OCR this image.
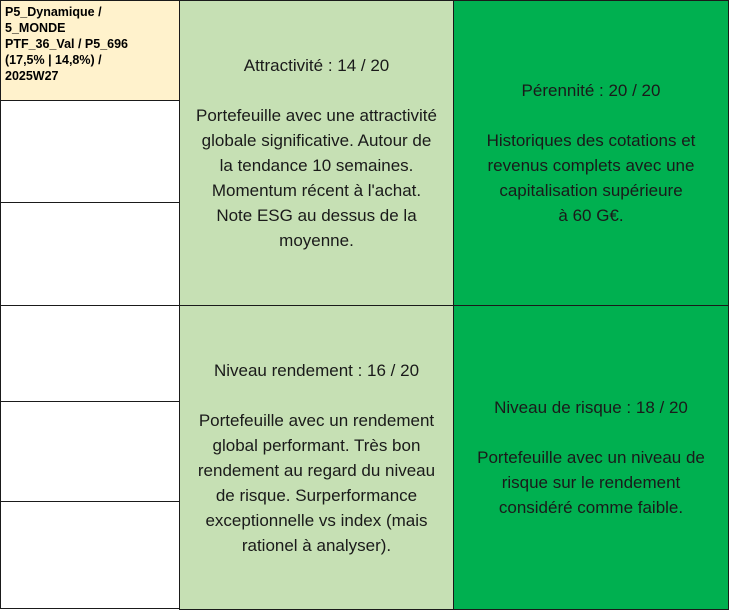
P5_Dynamique /
5_MONDE
PTF_36_Val / P5_696
(17,5% | 14,8%) /
2025W27
Attractivité : 14 / 20
Portefeuille avec une attractivité
globale significative. Autour de
la tendance 10 semaines.
Momentum récent à l'achat.
Note ESG au dessus de la
moyenne.
Pérennité : 20 / 20
Historiques des cotations et
revenus complets avec une
capitalisation supérieure
à 60 G€.
Niveau rendement : 16 / 20
Portefeuille avec un rendement
global performant. Très bon
rendement au regard du niveau
de risque. Surperformance
exceptionnelle vs index (mais
rationel à analyser).
Niveau de risque : 18 / 20
Portefeuille avec un niveau de
risque sur le rendement
considéré comme faible.
